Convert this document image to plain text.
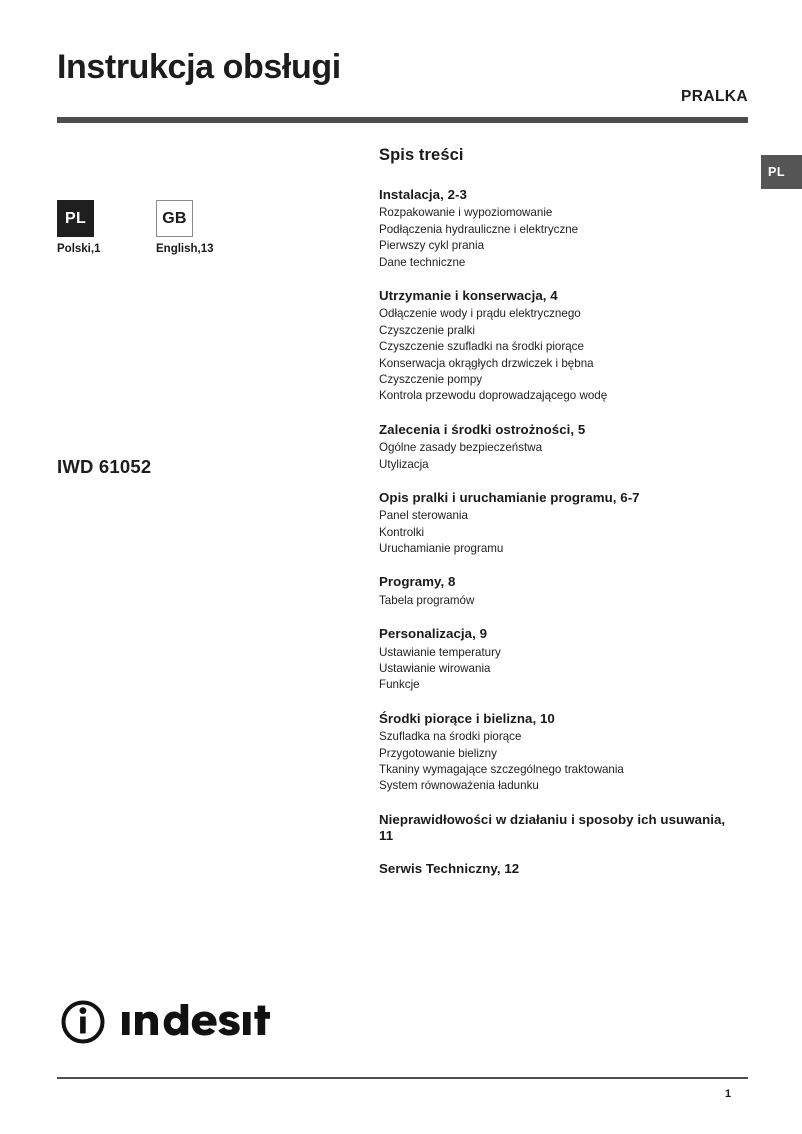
Instrukcja obsługi
PRALKA
PL
PL
Polski,1
GB
English,13
IWD 61052
Spis treści
Instalacja, 2-3
Rozpakowanie i wypoziomowanie
Podłączenia hydrauliczne i elektryczne
Pierwszy cykl prania
Dane techniczne
Utrzymanie i konserwacja, 4
Odłączenie wody i prądu elektrycznego
Czyszczenie pralki
Czyszczenie szufladki na środki piorące
Konserwacja okrągłych drzwiczek i bębna
Czyszczenie pompy
Kontrola przewodu doprowadzającego wodę
Zalecenia i środki ostrożności, 5
Ogólne zasady bezpieczeństwa
Utylizacja
Opis pralki i uruchamianie programu, 6-7
Panel sterowania
Kontrolki
Uruchamianie programu
Programy, 8
Tabela programów
Personalizacja, 9
Ustawianie temperatury
Ustawianie wirowania
Funkcje
Środki piorące i bielizna, 10
Szufladka na środki piorące
Przygotowanie bielizny
Tkaniny wymagające szczególnego traktowania
System równoważenia ładunku
Nieprawidłowości w działaniu i sposoby ich usuwania, 11
Serwis Techniczny, 12
1
